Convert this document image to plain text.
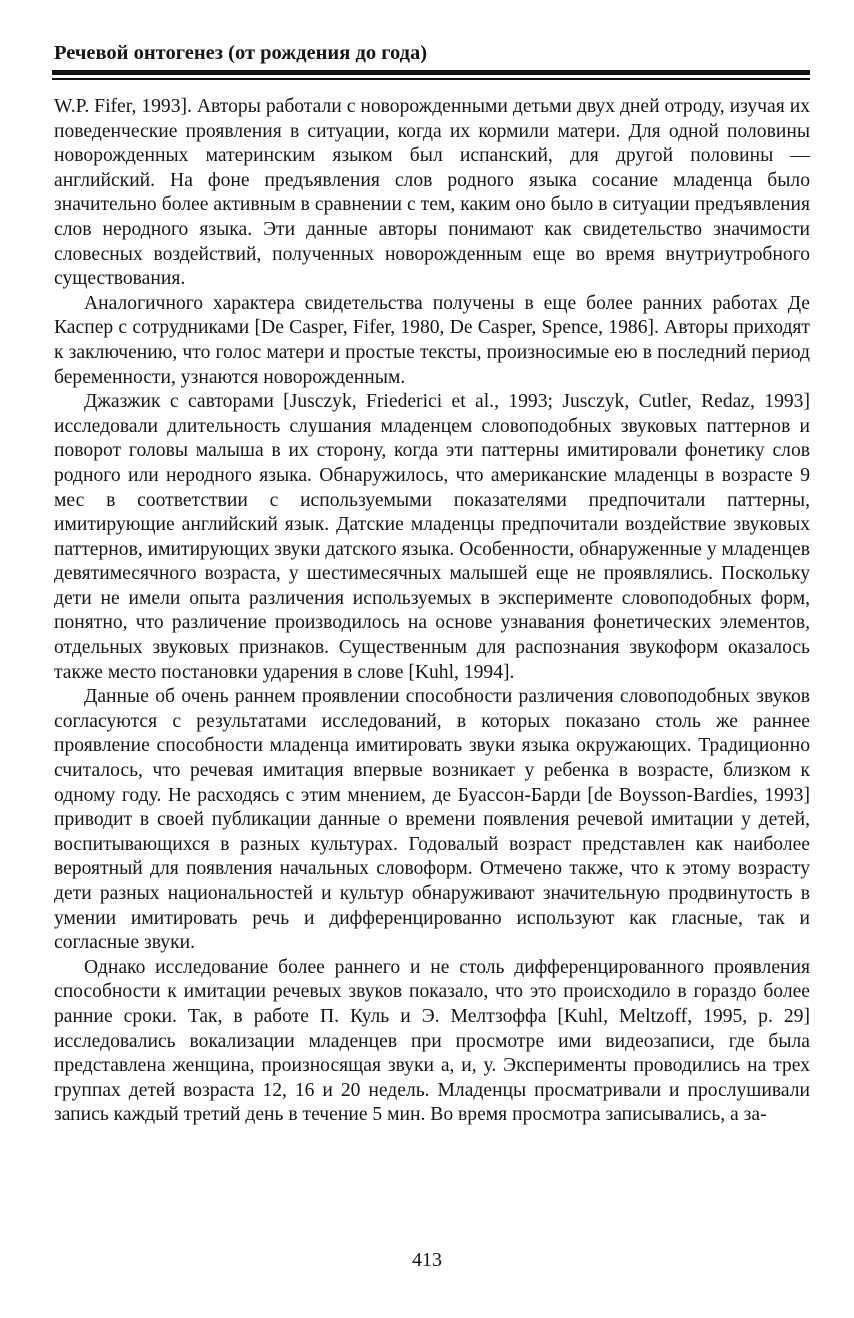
Речевой онтогенез (от рождения до года)

W.P. Fifer, 1993]. Авторы работали с новорожденными детьми двух дней отроду, изучая их поведенческие проявления в ситуации, когда их кормили матери. Для одной половины новорожденных материнским языком был испанский, для другой половины — английский. На фоне предъявления слов родного языка сосание младенца было значительно более активным в сравнении с тем, каким оно было в ситуации предъявления слов неродного языка. Эти данные авторы понимают как свидетельство значимости словесных воздействий, полученных новорожденным еще во время внутриутробного существования.

Аналогичного характера свидетельства получены в еще более ранних работах Де Каспер с сотрудниками [De Casper, Fifer, 1980, De Casper, Spence, 1986]. Авторы приходят к заключению, что голос матери и простые тексты, произносимые ею в последний период беременности, узнаются новорожденным.

Джазжик с савторами [Jusczyk, Friederici et al., 1993; Jusczyk, Cutler, Redaz, 1993] исследовали длительность слушания младенцем словоподобных звуковых паттернов и поворот головы малыша в их сторону, когда эти паттерны имитировали фонетику слов родного или неродного языка. Обнаружилось, что американские младенцы в возрасте 9 мес в соответствии с используемыми показателями предпочитали паттерны, имитирующие английский язык. Датские младенцы предпочитали воздействие звуковых паттернов, имитирующих звуки датского языка. Особенности, обнаруженные у младенцев девятимесячного возраста, у шестимесячных малышей еще не проявлялись. Поскольку дети не имели опыта различения используемых в эксперименте словоподобных форм, понятно, что различение производилось на основе узнавания фонетических элементов, отдельных звуковых признаков. Существенным для распознания звукоформ оказалось также место постановки ударения в слове [Kuhl, 1994].

Данные об очень раннем проявлении способности различения словоподобных звуков согласуются с результатами исследований, в которых показано столь же раннее проявление способности младенца имитировать звуки языка окружающих. Традиционно считалось, что речевая имитация впервые возникает у ребенка в возрасте, близком к одному году. Не расходясь с этим мнением, де Буассон-Барди [de Boysson-Bardies, 1993] приводит в своей публикации данные о времени появления речевой имитации у детей, воспитывающихся в разных культурах. Годовалый возраст представлен как наиболее вероятный для появления начальных словоформ. Отмечено также, что к этому возрасту дети разных национальностей и культур обнаруживают значительную продвинутость в умении имитировать речь и дифференцированно используют как гласные, так и согласные звуки.

Однако исследование более раннего и не столь дифференцированного проявления способности к имитации речевых звуков показало, что это происходило в гораздо более ранние сроки. Так, в работе П. Куль и Э. Мелтзоффа [Kuhl, Meltzoff, 1995, p. 29] исследовались вокализации младенцев при просмотре ими видеозаписи, где была представлена женщина, произносящая звуки а, и, у. Эксперименты проводились на трех группах детей возраста 12, 16 и 20 недель. Младенцы просматривали и прослушивали запись каждый третий день в течение 5 мин. Во время просмотра записывались, а за-

413
